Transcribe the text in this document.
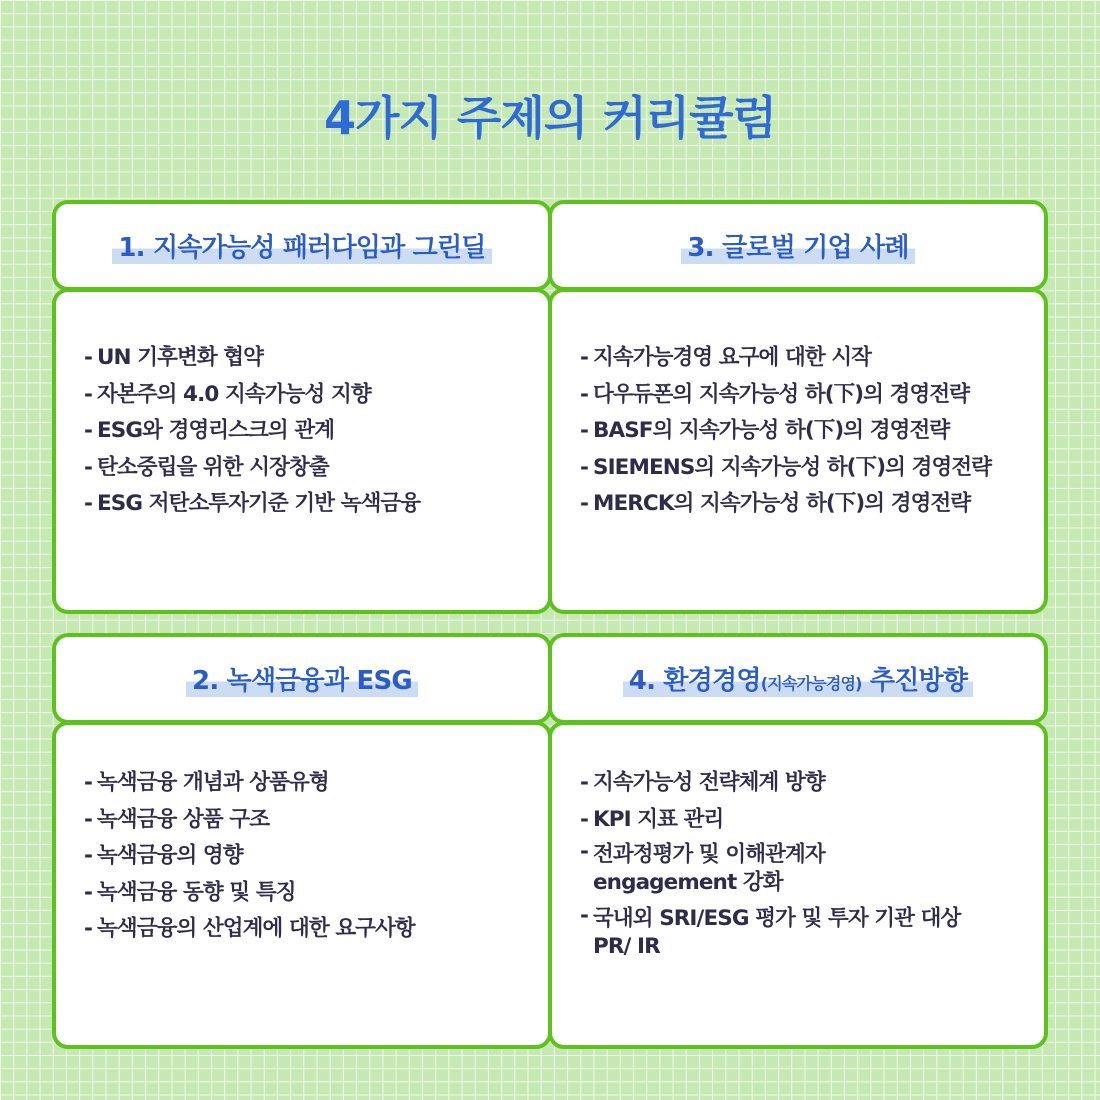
4가지 주제의 커리큘럼
1. 지속가능성 패러다임과 그린딜
- UN 기후변화 협약
- 자본주의 4.0 지속가능성 지향
- ESG와 경영리스크의 관계
- 탄소중립을 위한 시장창출
- ESG 저탄소투자기준 기반 녹색금융
3. 글로벌 기업 사례
- 지속가능경영 요구에 대한 시작
- 다우듀폰의 지속가능성 하(下)의 경영전략
- BASF의 지속가능성 하(下)의 경영전략
- SIEMENS의 지속가능성 하(下)의 경영전략
- MERCK의 지속가능성 하(下)의 경영전략
2. 녹색금융과 ESG
- 녹색금융 개념과 상품유형
- 녹색금융 상품 구조
- 녹색금융의 영향
- 녹색금융 동향 및 특징
- 녹색금융의 산업계에 대한 요구사항
4. 환경경영(지속가능경영) 추진방향
- 지속가능성 전략체계 방향
- KPI 지표 관리
- 전과정평가 및 이해관계자
engagement 강화
- 국내외 SRI/ESG 평가 및 투자 기관 대상
PR/ IR
